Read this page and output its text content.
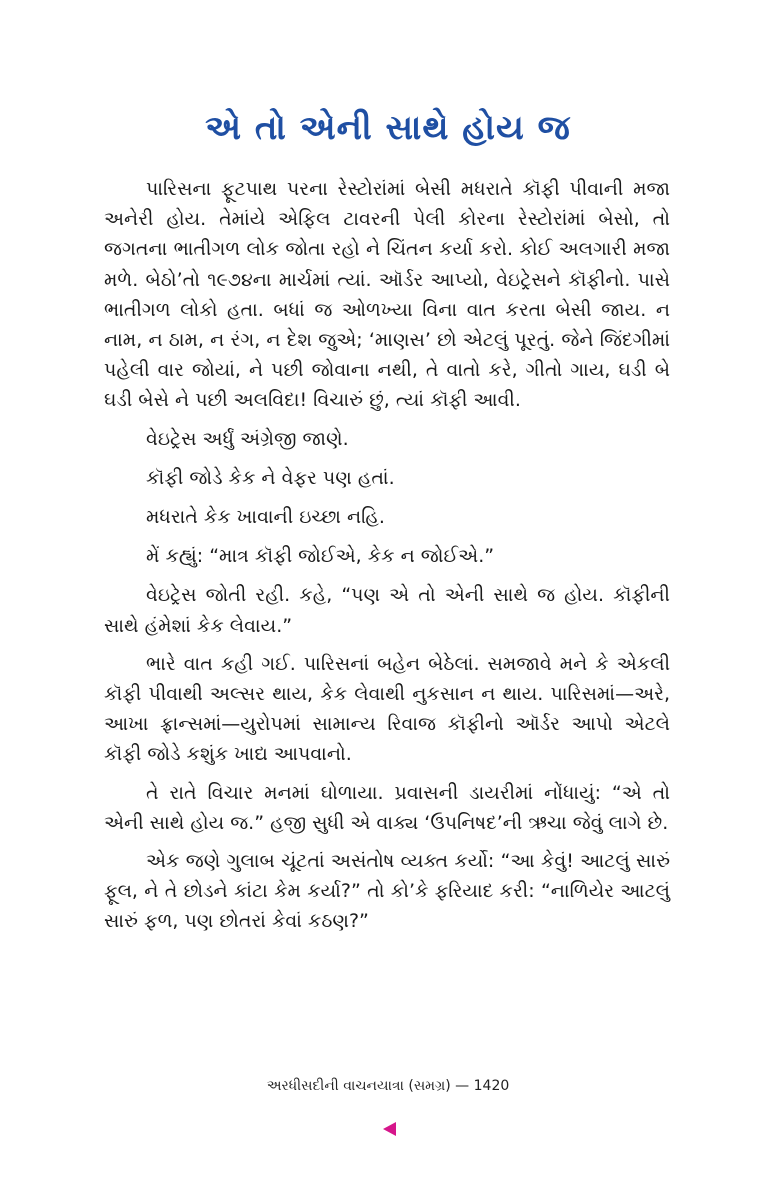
એ તો એની સાથે હોય જ

પારિસના ફૂટપાથ પરના રેસ્ટોરાંમાં બેસી મધરાતે કૉફી પીવાની મજા અનેરી હોય. તેમાંયે એફિલ ટાવરની પેલી કોરના રેસ્ટોરાંમાં બેસો, તો જગતના ભાતીગળ લોક જોતા રહો ને ચિંતન કર્યા કરો. કોઈ અલગારી મજા મળે. બેઠો’તો ૧૯૭૪ના માર્ચમાં ત્યાં. ઑર્ડર આપ્યો, વેઇટ્રેસને કૉફીનો. પાસે ભાતીગળ લોકો હતા. બધાં જ ઓળખ્યા વિના વાત કરતા બેસી જાય. ન નામ, ન ઠામ, ન રંગ, ન દેશ જુએ; ‘માણસ’ છો એટલું પૂરતું. જેને જિંદગીમાં પહેલી વાર જોયાં, ને પછી જોવાના નથી, તે વાતો કરે, ગીતો ગાય, ઘડી બે ઘડી બેસે ને પછી અલવિદા! વિચારું છું, ત્યાં કૉફી આવી.

વેઇટ્રેસ અર્ધું અંગ્રેજી જાણે.

કૉફી જોડે કેક ને વેફર પણ હતાં.

મધરાતે કેક ખાવાની ઇચ્છા નહિ.

મેં કહ્યું: “માત્ર કૉફી જોઈએ, કેક ન જોઈએ.”

વેઇટ્રેસ જોતી રહી. કહે, “પણ એ તો એની સાથે જ હોય. કૉફીની સાથે હંમેશાં કેક લેવાય.”

ભારે વાત કહી ગઈ. પારિસનાં બહેન બેઠેલાં. સમજાવે મને કે એકલી કૉફી પીવાથી અલ્સર થાય, કેક લેવાથી નુકસાન ન થાય. પારિસમાં—અરે, આખા ફ્રાન્સમાં—યુરોપમાં સામાન્ય રિવાજ કૉફીનો ઑર્ડર આપો એટલે કૉફી જોડે કશુંક ખાદ્ય આપવાનો.

તે રાતે વિચાર મનમાં ઘોળાયા. પ્રવાસની ડાયરીમાં નોંધાયું: “એ તો એની સાથે હોય જ.” હજી સુધી એ વાક્ય ‘ઉપનિષદ’ની ઋચા જેવું લાગે છે.

એક જણે ગુલાબ ચૂંટતાં અસંતોષ વ્યક્ત કર્યો: “આ કેવું! આટલું સારું ફૂલ, ને તે છોડને કાંટા કેમ કર્યા?” તો કો’કે ફરિયાદ કરી: “નાળિયેર આટલું સારું ફળ, પણ છોતરાં કેવાં કઠણ?”

અરધીસદીની વાચનયાત્રા (સમગ્ર) — 1420
